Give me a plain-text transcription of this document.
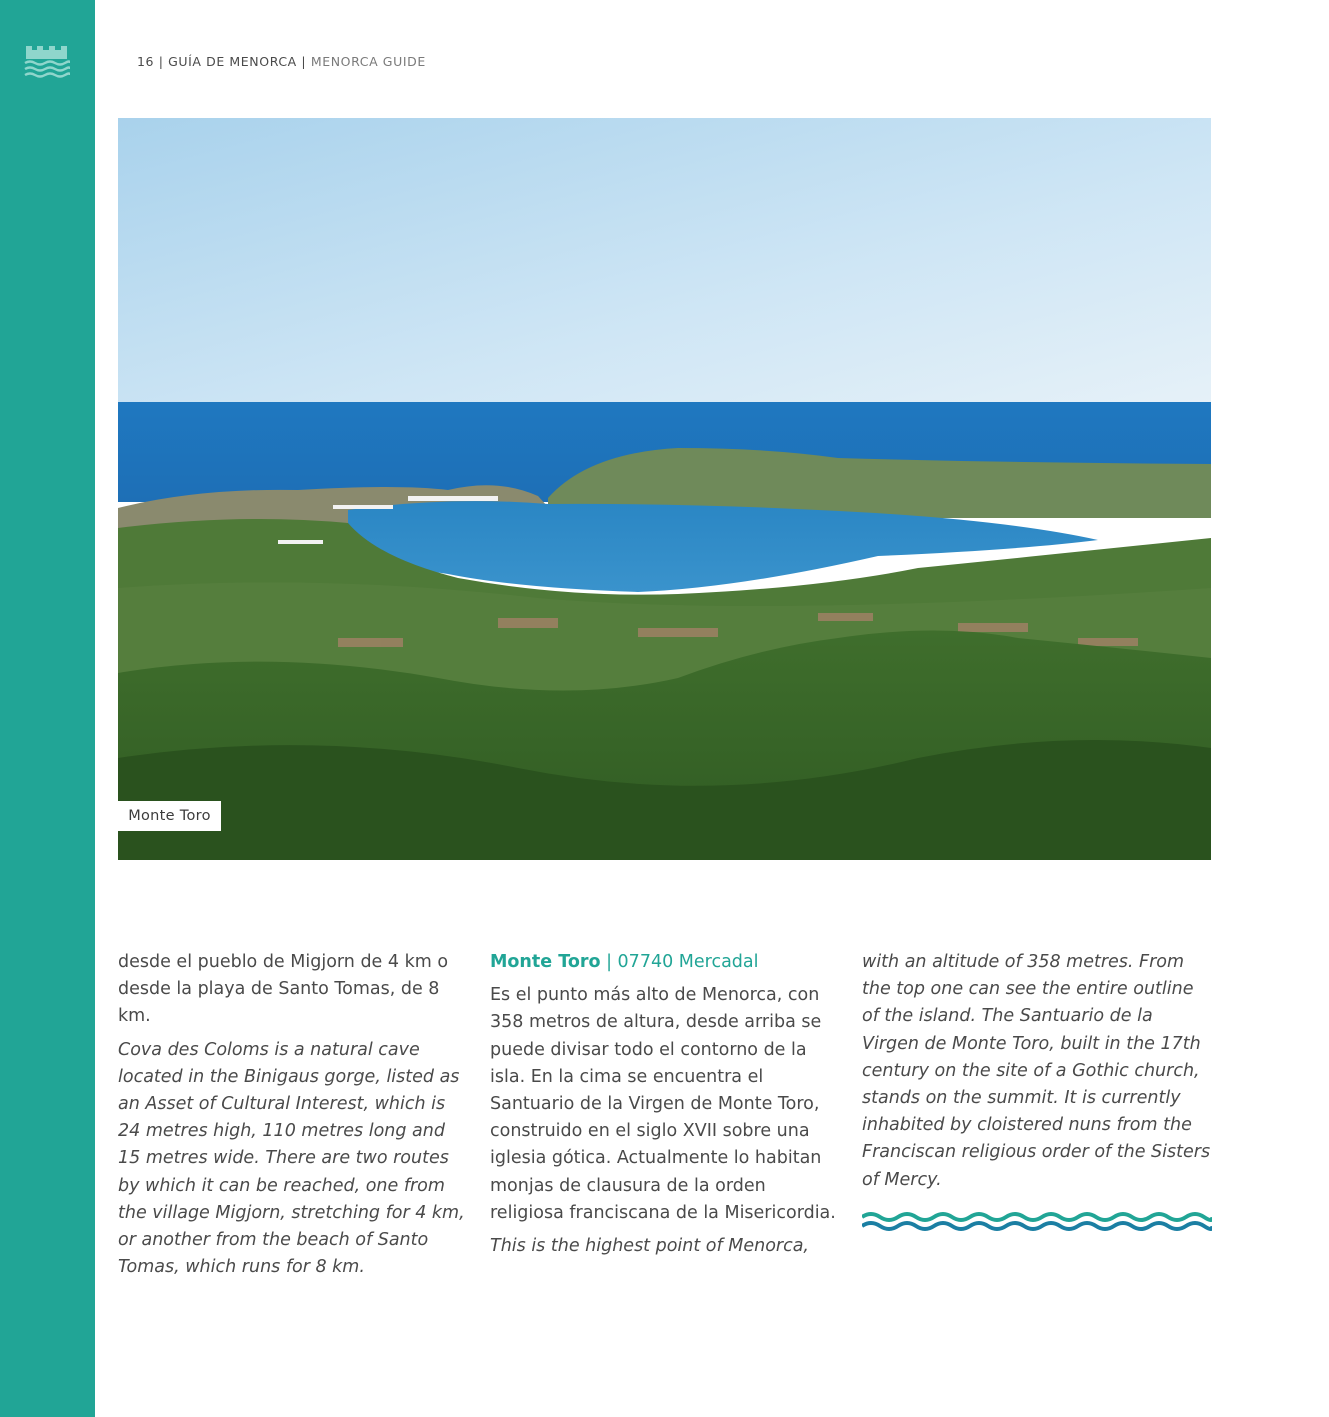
16 | GUÍA DE MENORCA | MENORCA GUIDE
Monte Toro

desde el pueblo de Migjorn de 4 km o desde la playa de Santo Tomas, de 8 km.

Cova des Coloms is a natural cave located in the Binigaus gorge, listed as an Asset of Cultural Interest, which is 24 metres high, 110 metres long and 15 metres wide. There are two routes by which it can be reached, one from the village Migjorn, stretching for 4 km, or another from the beach of Santo Tomas, which runs for 8 km.

Monte Toro | 07740 Mercadal

Es el punto más alto de Menorca, con 358 metros de altura, desde arriba se puede divisar todo el contorno de la isla. En la cima se encuentra el Santuario de la Virgen de Monte Toro, construido en el siglo XVII sobre una iglesia gótica. Actualmente lo habitan monjas de clausura de la orden religiosa franciscana de la Misericordia.

This is the highest point of Menorca,

with an altitude of 358 metres. From the top one can see the entire outline of the island. The Santuario de la Virgen de Monte Toro, built in the 17th century on the site of a Gothic church, stands on the summit. It is currently inhabited by cloistered nuns from the Franciscan religious order of the Sisters of Mercy.
